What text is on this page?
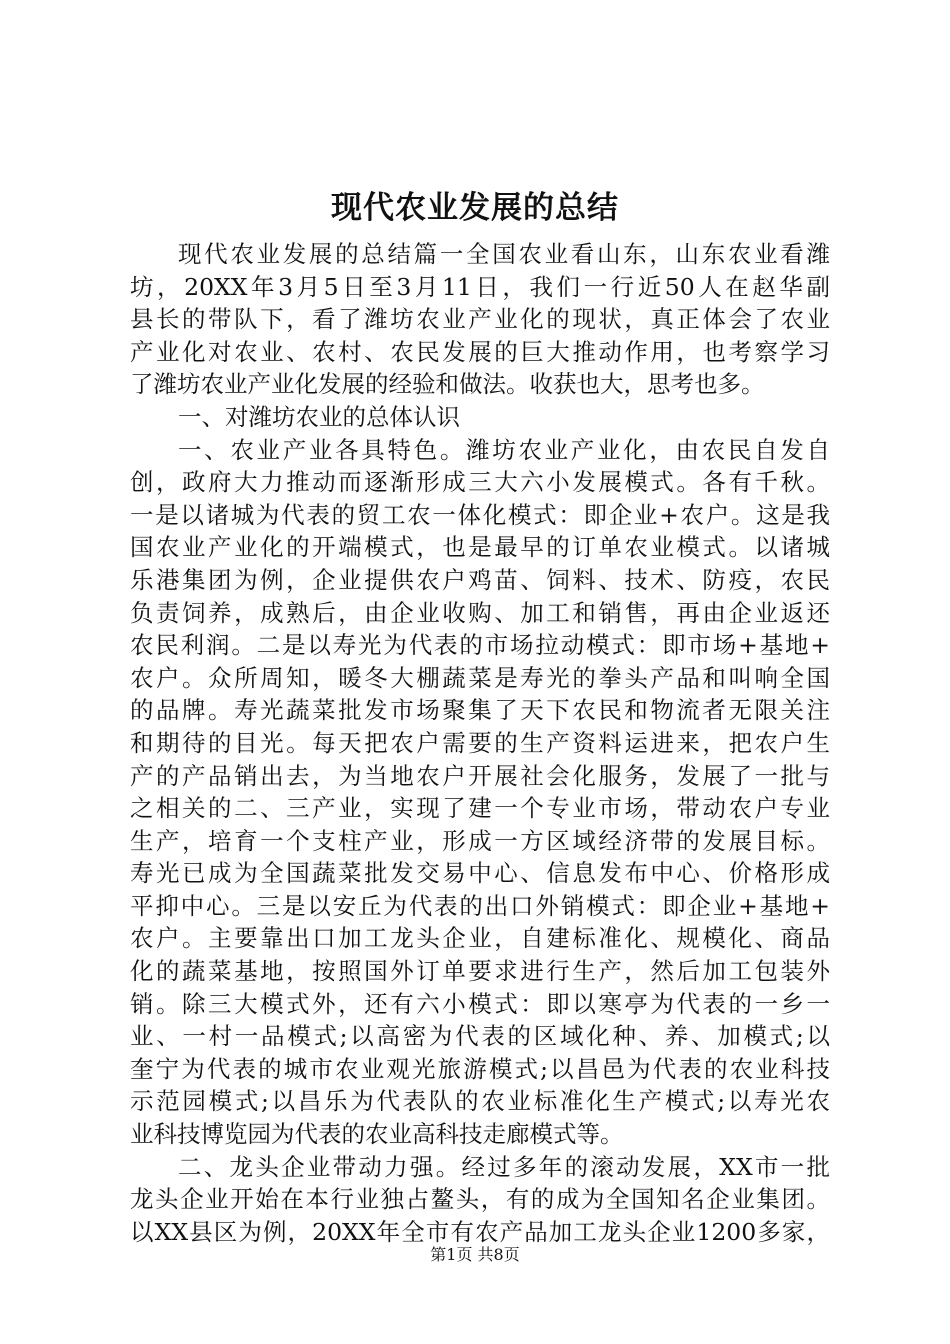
现代农业发展的总结
现代农业发展的总结篇一全国农业看山东，山东农业看潍
坊，20XX年3月5日至3月11日，我们一行近50人在赵华副
县长的带队下，看了潍坊农业产业化的现状，真正体会了农业
产业化对农业、农村、农民发展的巨大推动作用，也考察学习
了潍坊农业产业化发展的经验和做法。收获也大，思考也多。
一、对潍坊农业的总体认识
一、农业产业各具特色。潍坊农业产业化，由农民自发自
创，政府大力推动而逐渐形成三大六小发展模式。各有千秋。
一是以诸城为代表的贸工农一体化模式：即企业+农户。这是我
国农业产业化的开端模式，也是最早的订单农业模式。以诸城
乐港集团为例，企业提供农户鸡苗、饲料、技术、防疫，农民
负责饲养，成熟后，由企业收购、加工和销售，再由企业返还
农民利润。二是以寿光为代表的市场拉动模式：即市场+基地+
农户。众所周知，暖冬大棚蔬菜是寿光的拳头产品和叫响全国
的品牌。寿光蔬菜批发市场聚集了天下农民和物流者无限关注
和期待的目光。每天把农户需要的生产资料运进来，把农户生
产的产品销出去，为当地农户开展社会化服务，发展了一批与
之相关的二、三产业，实现了建一个专业市场，带动农户专业
生产，培育一个支柱产业，形成一方区域经济带的发展目标。
寿光已成为全国蔬菜批发交易中心、信息发布中心、价格形成
平抑中心。三是以安丘为代表的出口外销模式：即企业+基地+
农户。主要靠出口加工龙头企业，自建标准化、规模化、商品
化的蔬菜基地，按照国外订单要求进行生产，然后加工包装外
销。除三大模式外，还有六小模式：即以寒亭为代表的一乡一
业、一村一品模式;以高密为代表的区域化种、养、加模式;以
奎宁为代表的城市农业观光旅游模式;以昌邑为代表的农业科技
示范园模式;以昌乐为代表队的农业标准化生产模式;以寿光农
业科技博览园为代表的农业高科技走廊模式等。
二、龙头企业带动力强。经过多年的滚动发展，XX市一批
龙头企业开始在本行业独占鳌头，有的成为全国知名企业集团。
以XX县区为例，20XX年全市有农产品加工龙头企业1200多家，
第1页 共8页
